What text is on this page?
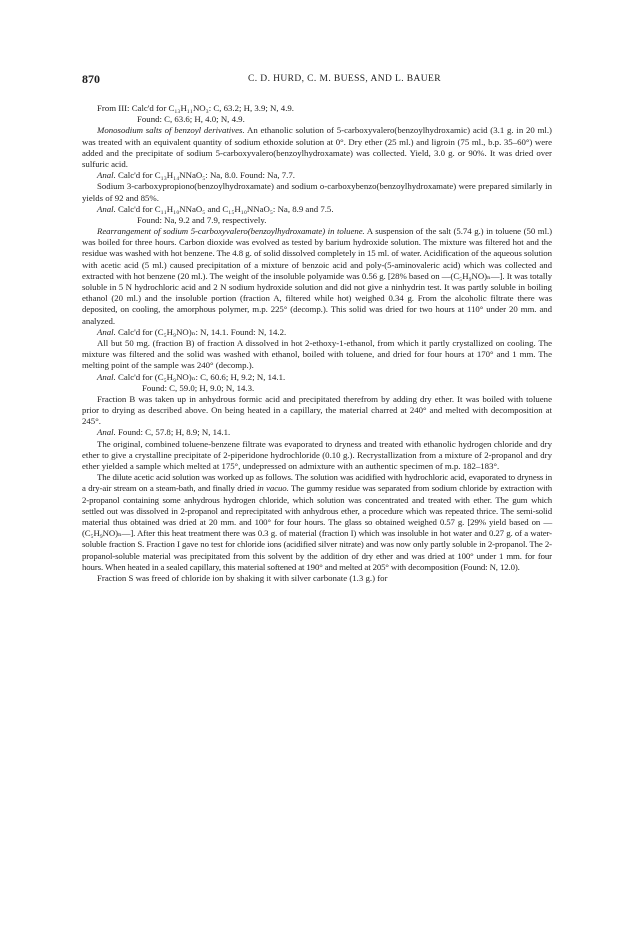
870	C. D. HURD, C. M. BUESS, AND L. BAUER

From III: Calc'd for C₁₃H₁₁NO₃: C, 63.2; H, 3.9; N, 4.9.

Found: C, 63.6; H, 4.0; N, 4.9.

Monosodium salts of benzoyl derivatives. An ethanolic solution of 5-carboxyvalero(benzoylhydroxamic) acid (3.1 g. in 20 ml.) was treated with an equivalent quantity of sodium ethoxide solution at 0°. Dry ether (25 ml.) and ligroin (75 ml., b.p. 35–60°) were added and the precipitate of sodium 5-carboxyvalero(benzoylhydroxamate) was collected. Yield, 3.0 g. or 90%. It was dried over sulfuric acid.

Anal. Calc'd for C₁₃H₁₄NNaO₅: Na, 8.0. Found: Na, 7.7.

Sodium 3-carboxypropiono(benzoylhydroxamate) and sodium o-carboxybenzo(benzoylhydroxamate) were prepared similarly in yields of 92 and 85%.

Anal. Calc'd for C₁₁H₁₀NNaO₅ and C₁₅H₁₀NNaO₅: Na, 8.9 and 7.5.

Found: Na, 9.2 and 7.9, respectively.

Rearrangement of sodium 5-carboxyvalero(benzoylhydroxamate) in toluene. A suspension of the salt (5.74 g.) in toluene (50 ml.) was boiled for three hours. Carbon dioxide was evolved as tested by barium hydroxide solution. The mixture was filtered hot and the residue was washed with hot benzene. The 4.8 g. of solid dissolved completely in 15 ml. of water. Acidification of the aqueous solution with acetic acid (5 ml.) caused precipitation of a mixture of benzoic acid and poly-(5-aminovaleric acid) which was collected and extracted with hot benzene (20 ml.). The weight of the insoluble polyamide was 0.56 g. [28% based on —(C₅H₉NO)ₙ—]. It was totally soluble in 5 N hydrochloric acid and 2 N sodium hydroxide solution and did not give a ninhydrin test. It was partly soluble in boiling ethanol (20 ml.) and the insoluble portion (fraction A, filtered while hot) weighed 0.34 g. From the alcoholic filtrate there was deposited, on cooling, the amorphous polymer, m.p. 225° (decomp.). This solid was dried for two hours at 110° under 20 mm. and analyzed.

Anal. Calc'd for (C₅H₉NO)ₙ: N, 14.1. Found: N, 14.2.

All but 50 mg. (fraction B) of fraction A dissolved in hot 2-ethoxy-1-ethanol, from which it partly crystallized on cooling. The mixture was filtered and the solid was washed with ethanol, boiled with toluene, and dried for four hours at 170° and 1 mm. The melting point of the sample was 240° (decomp.).

Anal. Calc'd for (C₅H₉NO)ₙ: C, 60.6; H, 9.2; N, 14.1.

Found: C, 59.0; H, 9.0; N, 14.3.

Fraction B was taken up in anhydrous formic acid and precipitated therefrom by adding dry ether. It was boiled with toluene prior to drying as described above. On being heated in a capillary, the material charred at 240° and melted with decomposition at 245°.

Anal. Found: C, 57.8; H, 8.9; N, 14.1.

The original, combined toluene-benzene filtrate was evaporated to dryness and treated with ethanolic hydrogen chloride and dry ether to give a crystalline precipitate of 2-piperidone hydrochloride (0.10 g.). Recrystallization from a mixture of 2-propanol and dry ether yielded a sample which melted at 175°, undepressed on admixture with an authentic specimen of m.p. 182–183°.

The dilute acetic acid solution was worked up as follows. The solution was acidified with hydrochloric acid, evaporated to dryness in a dry-air stream on a steam-bath, and finally dried in vacuo. The gummy residue was separated from sodium chloride by extraction with 2-propanol containing some anhydrous hydrogen chloride, which solution was concentrated and treated with ether. The gum which settled out was dissolved in 2-propanol and reprecipitated with anhydrous ether, a procedure which was repeated thrice. The semi-solid material thus obtained was dried at 20 mm. and 100° for four hours. The glass so obtained weighed 0.57 g. [29% yield based on —(C₅H₉NO)ₙ—]. After this heat treatment there was 0.3 g. of material (fraction I) which was insoluble in hot water and 0.27 g. of a water-soluble fraction S. Fraction I gave no test for chloride ions (acidified silver nitrate) and was now only partly soluble in 2-propanol. The 2-propanol-soluble material was precipitated from this solvent by the addition of dry ether and was dried at 100° under 1 mm. for four hours. When heated in a sealed capillary, this material softened at 190° and melted at 205° with decomposition (Found: N, 12.0).

Fraction S was freed of chloride ion by shaking it with silver carbonate (1.3 g.) for
